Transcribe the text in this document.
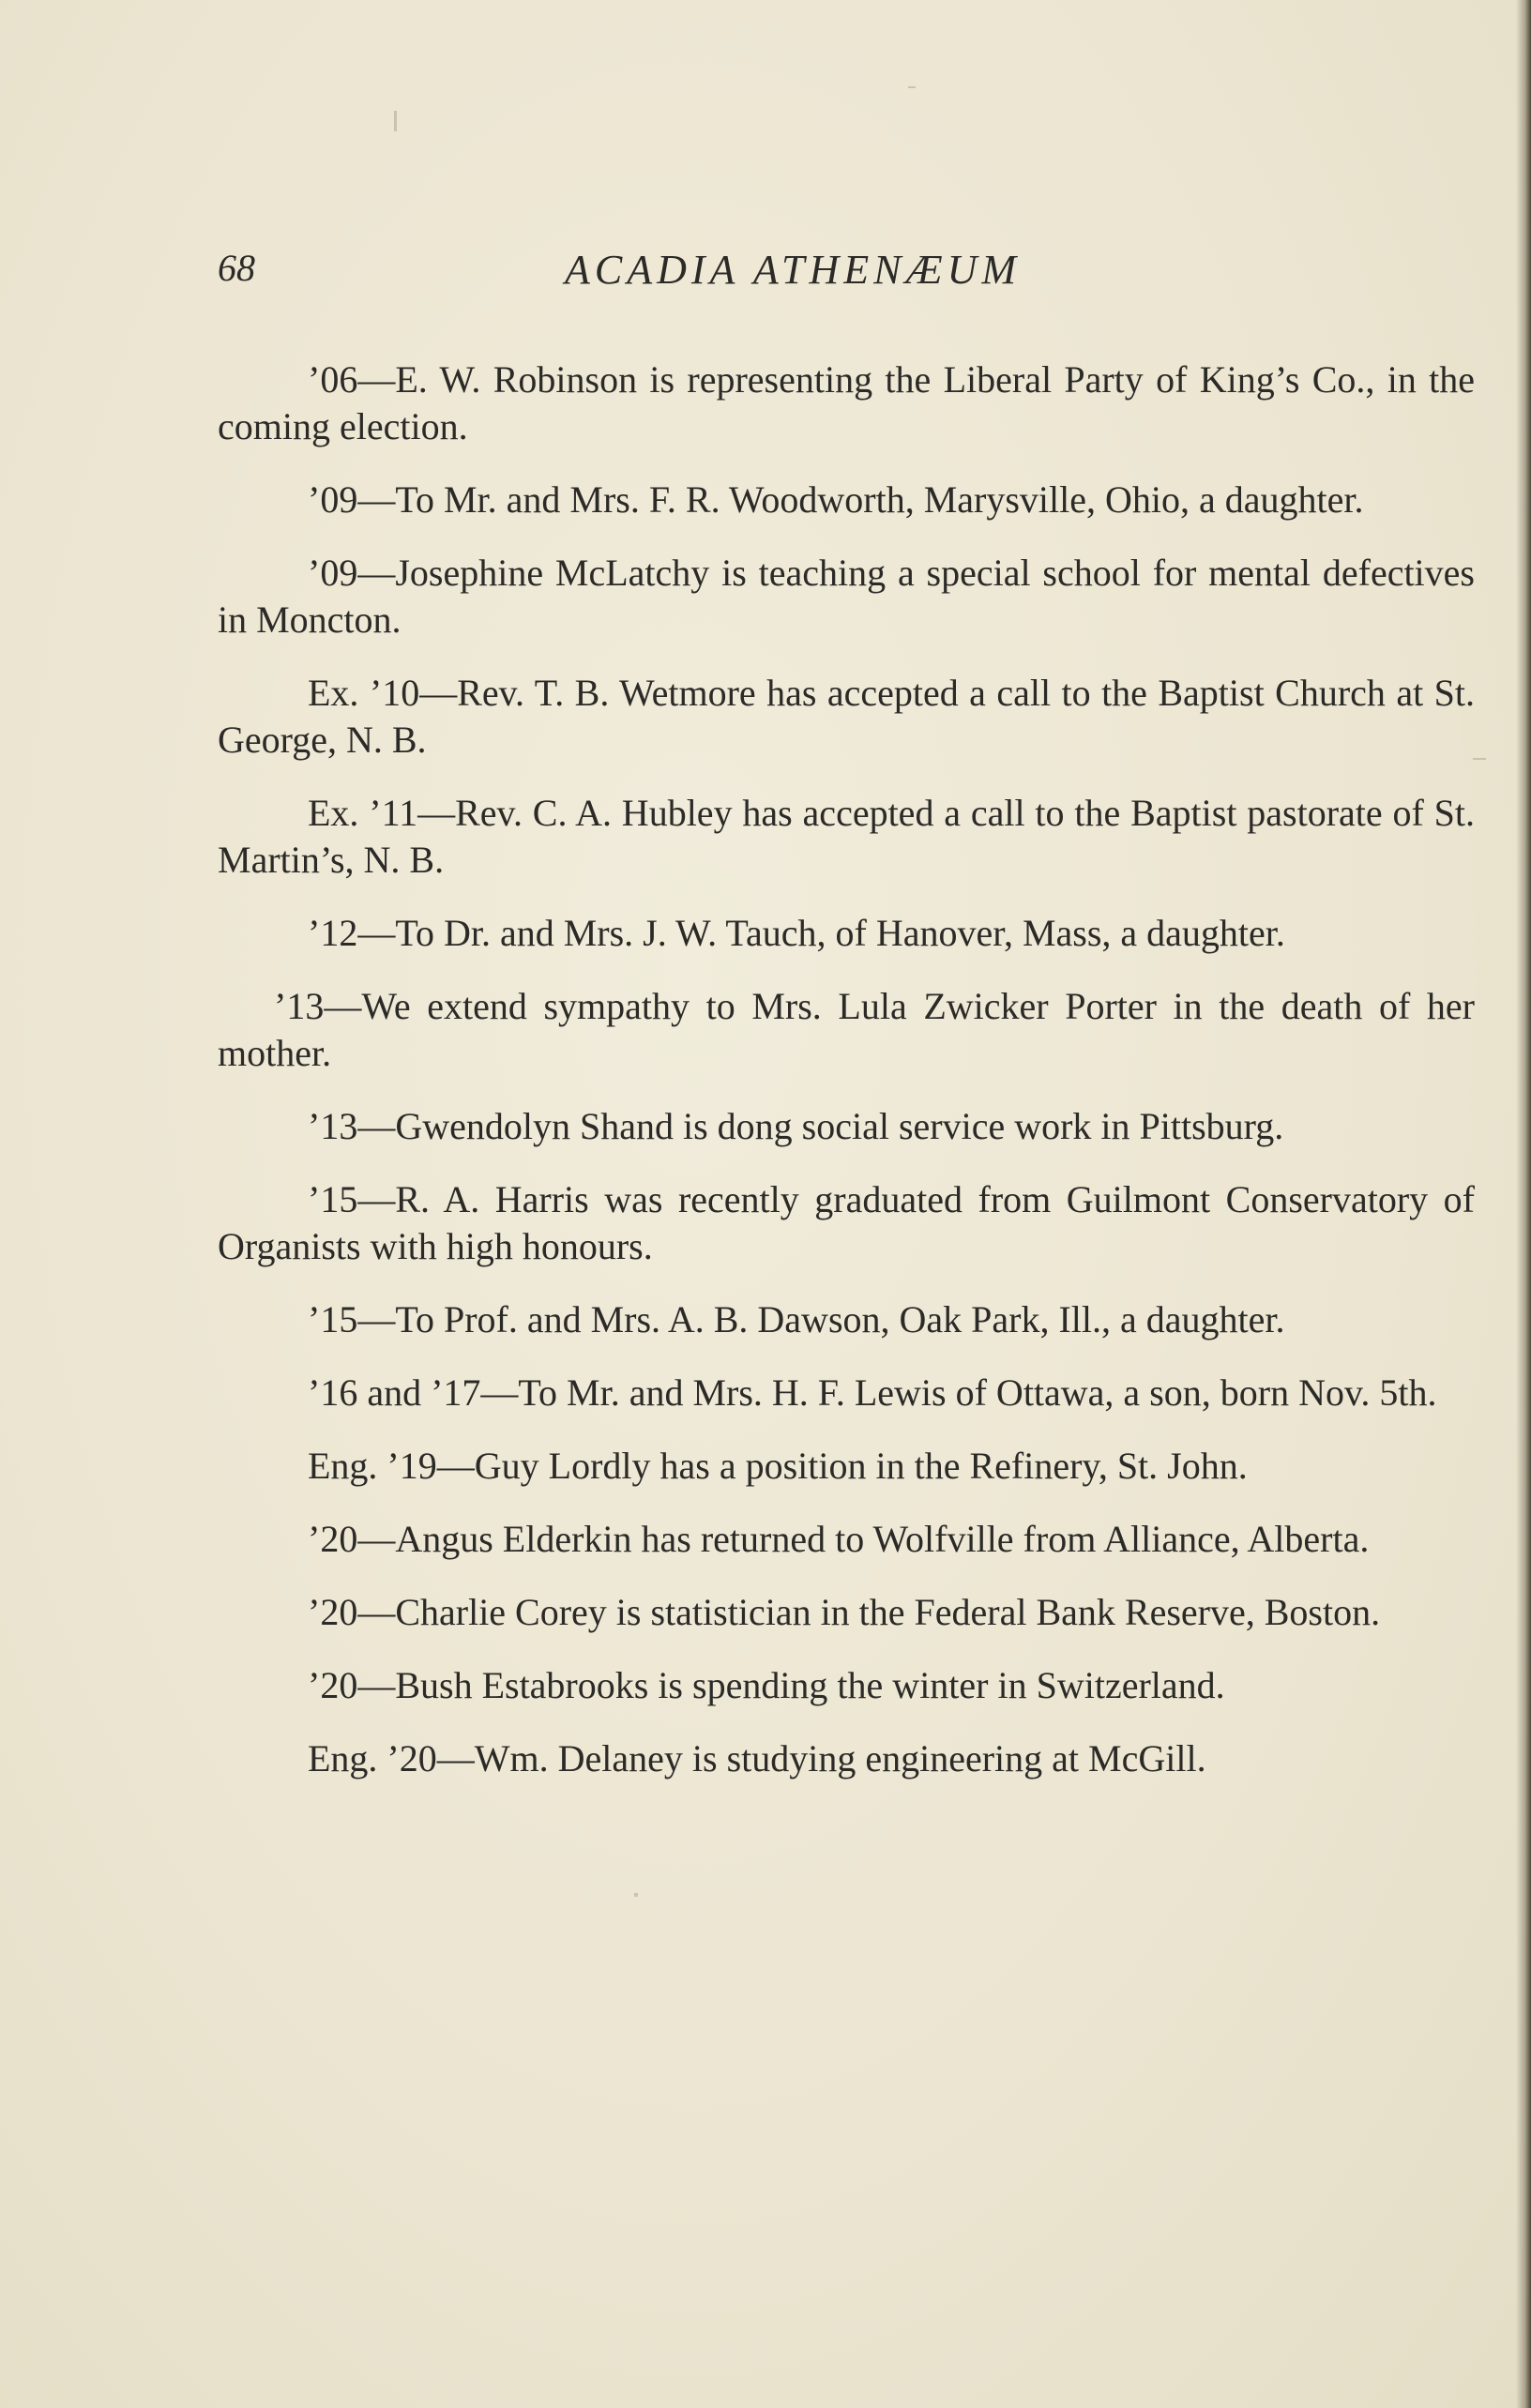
68	ACADIA ATHENÆUM

’06—E. W. Robinson is representing the Liberal Party of King’s Co., in the coming election.

’09—To Mr. and Mrs. F. R. Woodworth, Marysville, Ohio, a daughter.

’09—Josephine McLatchy is teaching a special school for mental defectives in Moncton.

Ex. ’10—Rev. T. B. Wetmore has accepted a call to the Baptist Church at St. George, N. B.

Ex. ’11—Rev. C. A. Hubley has accepted a call to the Baptist pastorate of St. Martin’s, N. B.

’12—To Dr. and Mrs. J. W. Tauch, of Hanover, Mass, a daughter.

’13—We extend sympathy to Mrs. Lula Zwicker Porter in the death of her mother.

’13—Gwendolyn Shand is dong social service work in Pittsburg.

’15—R. A. Harris was recently graduated from Guilmont Conservatory of Organists with high honours.

’15—To Prof. and Mrs. A. B. Dawson, Oak Park, Ill., a daughter.

’16 and ’17—To Mr. and Mrs. H. F. Lewis of Ottawa, a son, born Nov. 5th.

Eng. ’19—Guy Lordly has a position in the Refinery, St. John.

’20—Angus Elderkin has returned to Wolfville from Alliance, Alberta.

’20—Charlie Corey is statistician in the Federal Bank Reserve, Boston.

’20—Bush Estabrooks is spending the winter in Switzerland.

Eng. ’20—Wm. Delaney is studying engineering at McGill.
